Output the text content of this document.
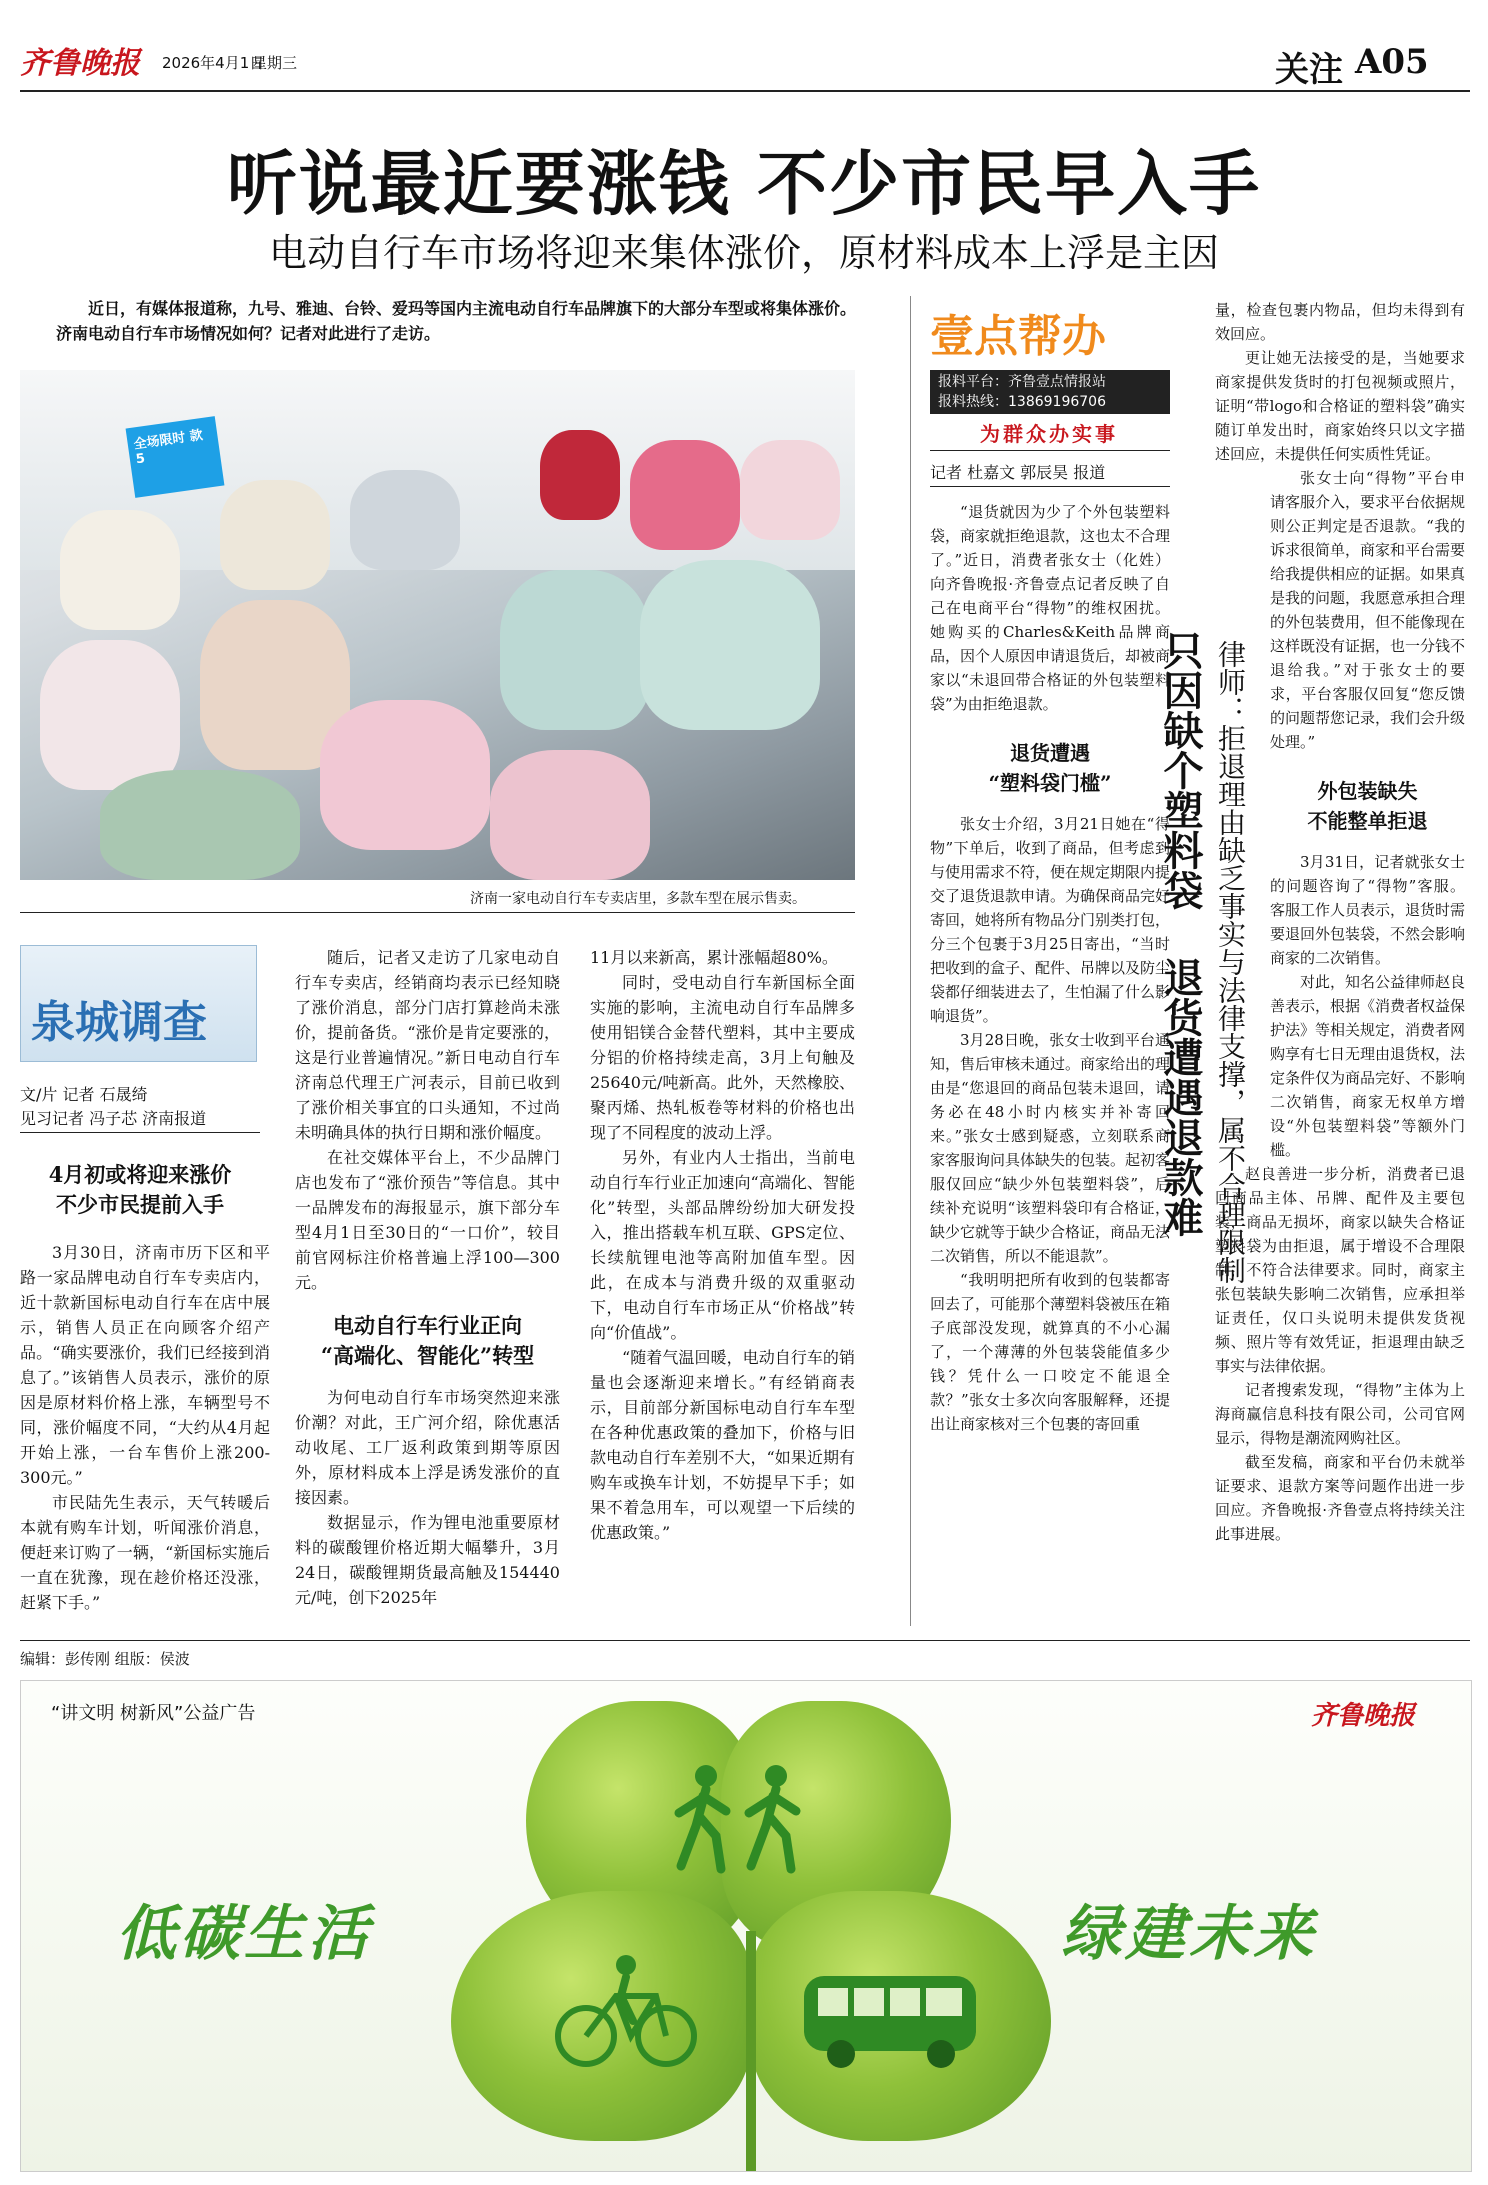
齐鲁晚报 2026年4月1日
星期三	关注 A05
听说最近要涨钱 不少市民早入手
电动自行车市场将迎来集体涨价，原材料成本上浮是主因
近日，有媒体报道称，九号、雅迪、台铃、爱玛等国内主流电动自行车品牌旗下的大部分车型或将集体涨价。济南电动自行车市场情况如何？记者对此进行了走访。
全场限时 款5
济南一家电动自行车专卖店里，多款车型在展示售卖。
泉城调查
文/片 记者 石晟绮
见习记者 冯子芯 济南报道
4月初或将迎来涨价
不少市民提前入手

3月30日，济南市历下区和平路一家品牌电动自行车专卖店内，近十款新国标电动自行车在店中展示，销售人员正在向顾客介绍产品。“确实要涨价，我们已经接到消息了。”该销售人员表示，涨价的原因是原材料价格上涨，车辆型号不同，涨价幅度不同，“大约从4月起开始上涨，一台车售价上涨200-300元。”

市民陆先生表示，天气转暖后本就有购车计划，听闻涨价消息，便赶来订购了一辆，“新国标实施后一直在犹豫，现在趁价格还没涨，赶紧下手。”

随后，记者又走访了几家电动自行车专卖店，经销商均表示已经知晓了涨价消息，部分门店打算趁尚未涨价，提前备货。“涨价是肯定要涨的，这是行业普遍情况。”新日电动自行车济南总代理王广河表示，目前已收到了涨价相关事宜的口头通知，不过尚未明确具体的执行日期和涨价幅度。

在社交媒体平台上，不少品牌门店也发布了“涨价预告”等信息。其中一品牌发布的海报显示，旗下部分车型4月1日至30日的“一口价”，较目前官网标注价格普遍上浮100—300元。

电动自行车行业正向
“高端化、智能化”转型

为何电动自行车市场突然迎来涨价潮？对此，王广河介绍，除优惠活动收尾、工厂返利政策到期等原因外，原材料成本上浮是诱发涨价的直接因素。

数据显示，作为锂电池重要原材料的碳酸锂价格近期大幅攀升，3月24日，碳酸锂期货最高触及154440元/吨，创下2025年

11月以来新高，累计涨幅超80%。

同时，受电动自行车新国标全面实施的影响，主流电动自行车品牌多使用铝镁合金替代塑料，其中主要成分铝的价格持续走高，3月上旬触及25640元/吨新高。此外，天然橡胶、聚丙烯、热轧板卷等材料的价格也出现了不同程度的波动上浮。

另外，有业内人士指出，当前电动自行车行业正加速向“高端化、智能化”转型，头部品牌纷纷加大研发投入，推出搭载车机互联、GPS定位、长续航锂电池等高附加值车型。因此，在成本与消费升级的双重驱动下，电动自行车市场正从“价格战”转向“价值战”。

“随着气温回暖，电动自行车的销量也会逐渐迎来增长。”有经销商表示，目前部分新国标电动自行车车型在各种优惠政策的叠加下，价格与旧款电动自行车差别不大，“如果近期有购车或换车计划，不妨提早下手；如果不着急用车，可以观望一下后续的优惠政策。”

壹点帮办
报料平台：齐鲁壹点情报站
报料热线：13869196706
为群众办实事
记者 杜嘉文 郭辰昊 报道

“退货就因为少了个外包装塑料袋，商家就拒绝退款，这也太不合理了。”近日，消费者张女士（化姓）向齐鲁晚报·齐鲁壹点记者反映了自己在电商平台“得物”的维权困扰。她购买的Charles&Keith品牌商品，因个人原因申请退货后，却被商家以“未退回带合格证的外包装塑料袋”为由拒绝退款。

退货遭遇
“塑料袋门槛”

张女士介绍，3月21日她在“得物”下单后，收到了商品，但考虑到与使用需求不符，便在规定期限内提交了退货退款申请。为确保商品完好寄回，她将所有物品分门别类打包，分三个包裹于3月25日寄出，“当时把收到的盒子、配件、吊牌以及防尘袋都仔细装进去了，生怕漏了什么影响退货”。

3月28日晚，张女士收到平台通知，售后审核未通过。商家给出的理由是“您退回的商品包装未退回，请务必在48小时内核实并补寄回来。”张女士感到疑惑，立刻联系商家客服询问具体缺失的包装。起初客服仅回应“缺少外包装塑料袋”，后续补充说明“该塑料袋印有合格证，缺少它就等于缺少合格证，商品无法二次销售，所以不能退款”。

“我明明把所有收到的包装都寄回去了，可能那个薄塑料袋被压在箱子底部没发现，就算真的不小心漏了，一个薄薄的外包装袋能值多少钱？凭什么一口咬定不能退全款？”张女士多次向客服解释，还提出让商家核对三个包裹的寄回重

只因缺个塑料袋 退货遭遇退款难 律师：拒退理由缺乏事实与法律支撑，属不合理限制

量，检查包裹内物品，但均未得到有效回应。

更让她无法接受的是，当她要求商家提供发货时的打包视频或照片，证明“带logo和合格证的塑料袋”确实随订单发出时，商家始终只以文字描述回应，未提供任何实质性凭证。

张女士向“得物”平台申请客服介入，要求平台依据规则公正判定是否退款。“我的诉求很简单，商家和平台需要给我提供相应的证据。如果真是我的问题，我愿意承担合理的外包装费用，但不能像现在这样既没有证据，也一分钱不退给我。”对于张女士的要求，平台客服仅回复“您反馈的问题帮您记录，我们会升级处理。”

外包装缺失
不能整单拒退

3月31日，记者就张女士的问题咨询了“得物”客服。客服工作人员表示，退货时需要退回外包装袋，不然会影响商家的二次销售。

对此，知名公益律师赵良善表示，根据《消费者权益保护法》等相关规定，消费者网购享有七日无理由退货权，法定条件仅为商品完好、不影响二次销售，商家无权单方增设“外包装塑料袋”等额外门槛。

赵良善进一步分析，消费者已退回商品主体、吊牌、配件及主要包装，商品无损坏，商家以缺失合格证塑料袋为由拒退，属于增设不合理限制，不符合法律要求。同时，商家主张包装缺失影响二次销售，应承担举证责任，仅口头说明未提供发货视频、照片等有效凭证，拒退理由缺乏事实与法律依据。

记者搜索发现，“得物”主体为上海商赢信息科技有限公司，公司官网显示，得物是潮流网购社区。

截至发稿，商家和平台仍未就举证要求、退款方案等问题作出进一步回应。齐鲁晚报·齐鲁壹点将持续关注此事进展。

编辑：彭传刚 组版：侯波
“讲文明 树新风”公益广告	齐鲁晚报
低碳生活	绿建未来
